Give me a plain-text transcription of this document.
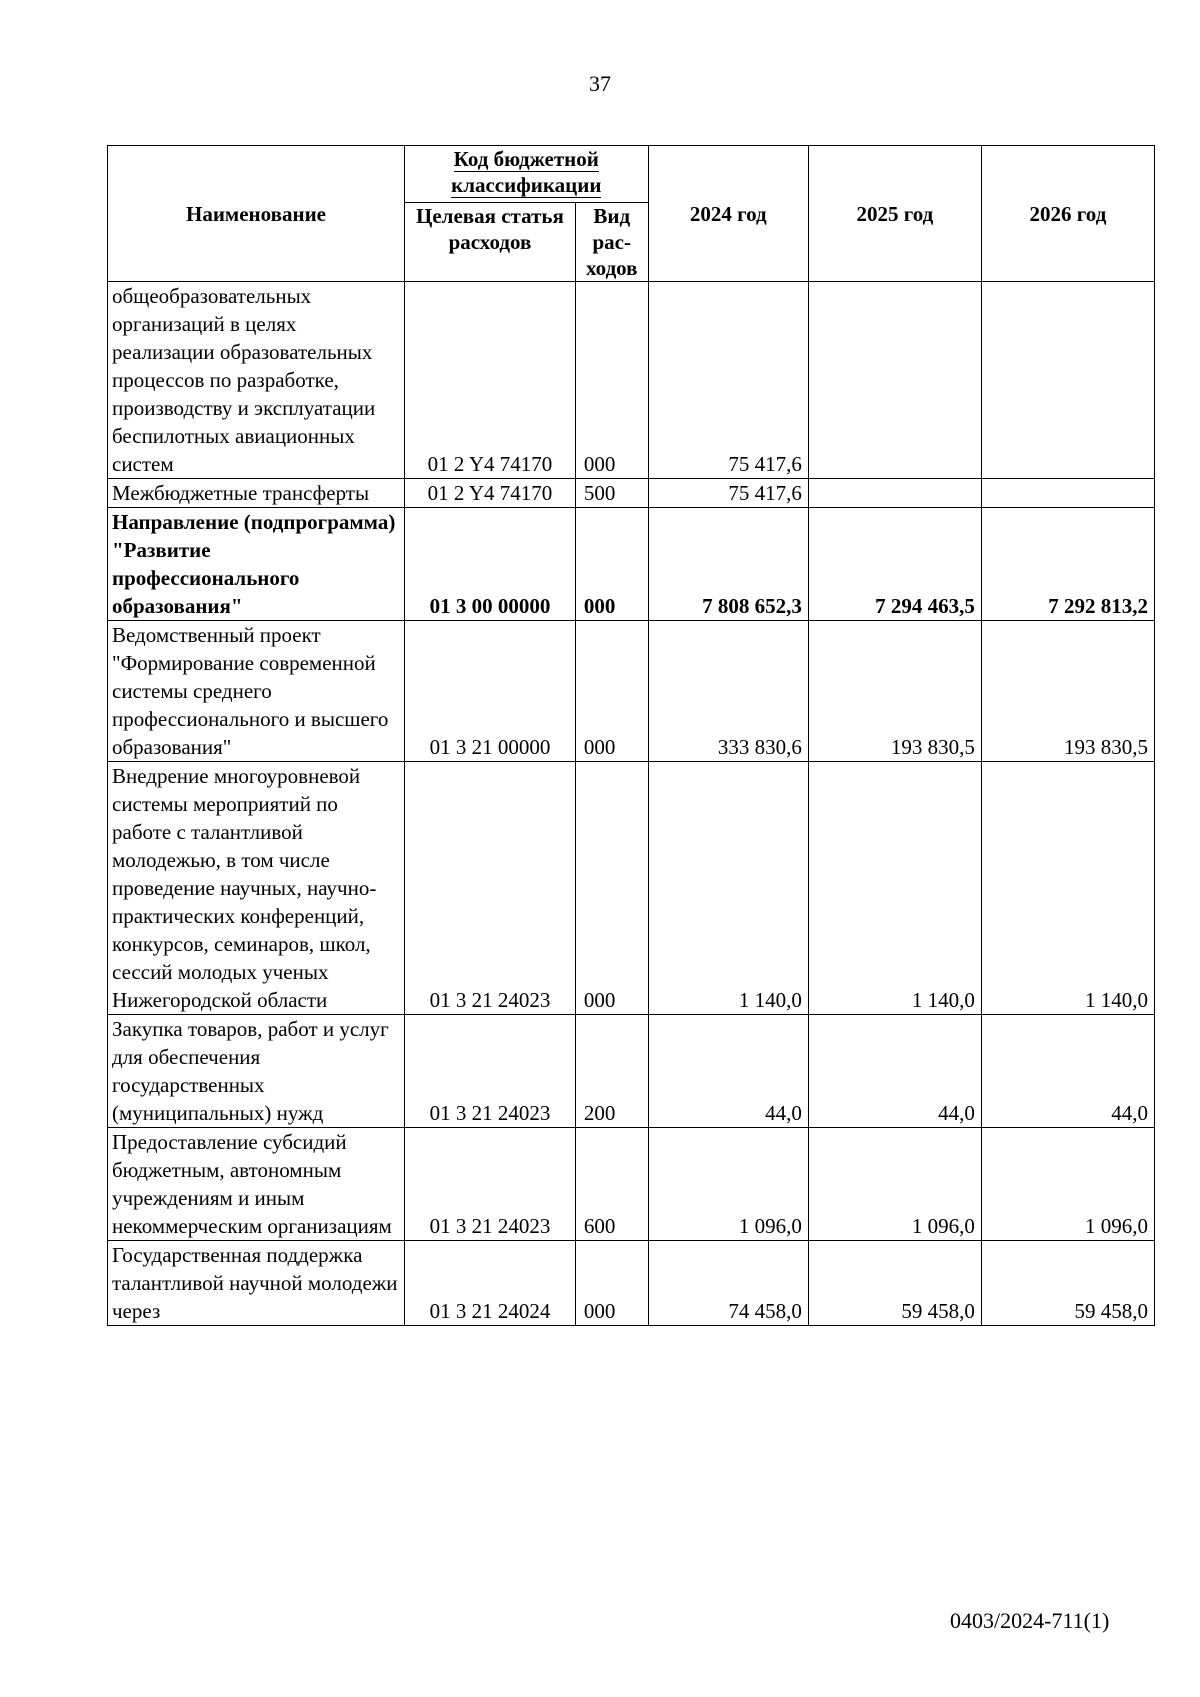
37
Наименование	Код бюджетной классификации		2024 год	2025 год	2026 год
	Целевая статья расходов	Вид рас-ходов			
общеобразовательных организаций в целях реализации образовательных процессов по разработке, производству и эксплуатации беспилотных авиационных систем	01 2 Y4 74170	000	75 417,6		
Межбюджетные трансферты	01 2 Y4 74170	500	75 417,6		
Направление (подпрограмма) "Развитие профессионального образования"	01 3 00 00000	000	7 808 652,3	7 294 463,5	7 292 813,2
Ведомственный проект "Формирование современной системы среднего профессионального и высшего образования"	01 3 21 00000	000	333 830,6	193 830,5	193 830,5
Внедрение многоуровневой системы мероприятий по работе с талантливой молодежью, в том числе проведение научных, научно-практических конференций, конкурсов, семинаров, школ, сессий молодых ученых Нижегородской области	01 3 21 24023	000	1 140,0	1 140,0	1 140,0
Закупка товаров, работ и услуг для обеспечения государственных (муниципальных) нужд	01 3 21 24023	200	44,0	44,0	44,0
Предоставление субсидий бюджетным, автономным учреждениям и иным некоммерческим организациям	01 3 21 24023	600	1 096,0	1 096,0	1 096,0
Государственная поддержка талантливой научной молодежи через	01 3 21 24024	000	74 458,0	59 458,0	59 458,0
0403/2024-711(1)
